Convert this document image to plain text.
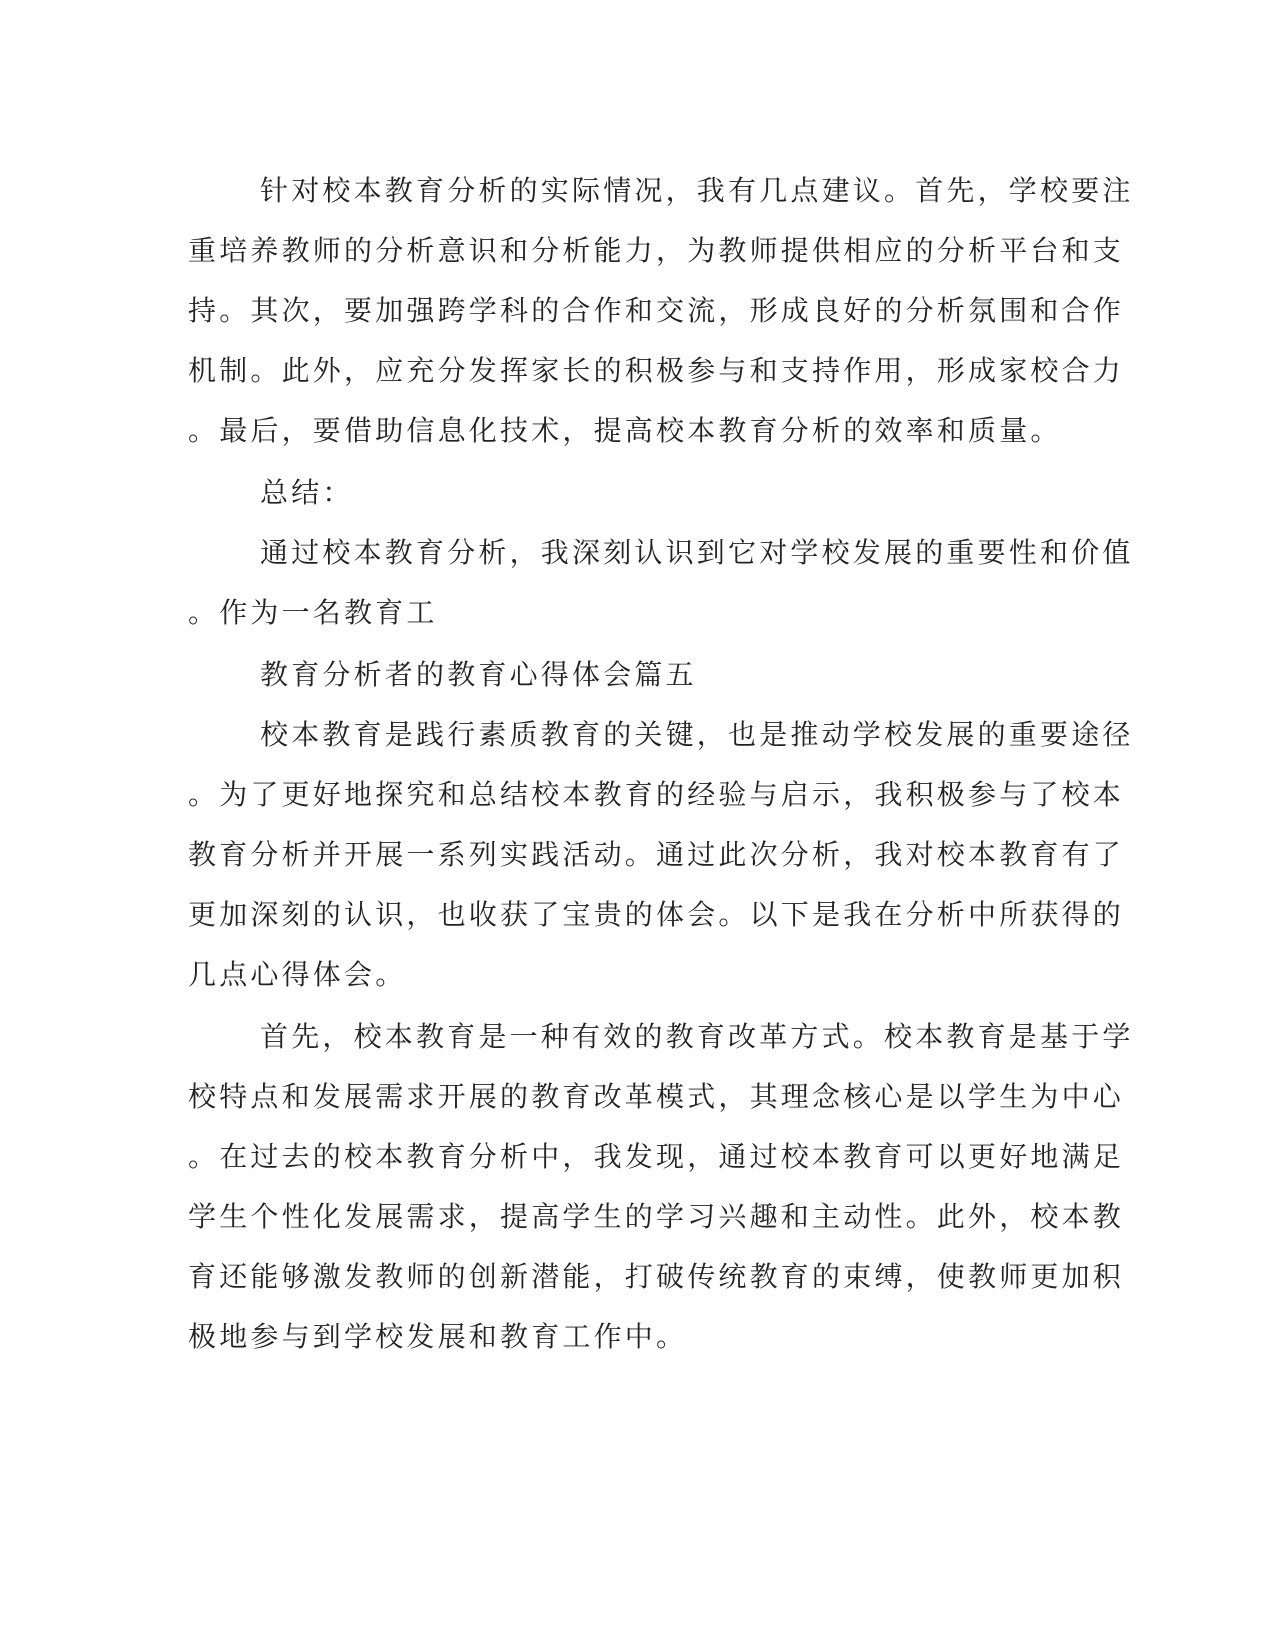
针对校本教育分析的实际情况，我有几点建议。首先，学校要注
重培养教师的分析意识和分析能力，为教师提供相应的分析平台和支
持。其次，要加强跨学科的合作和交流，形成良好的分析氛围和合作
机制。此外，应充分发挥家长的积极参与和支持作用，形成家校合力
。最后，要借助信息化技术，提高校本教育分析的效率和质量。
总结：
通过校本教育分析，我深刻认识到它对学校发展的重要性和价值
。作为一名教育工
教育分析者的教育心得体会篇五
校本教育是践行素质教育的关键，也是推动学校发展的重要途径
。为了更好地探究和总结校本教育的经验与启示，我积极参与了校本
教育分析并开展一系列实践活动。通过此次分析，我对校本教育有了
更加深刻的认识，也收获了宝贵的体会。以下是我在分析中所获得的
几点心得体会。
首先，校本教育是一种有效的教育改革方式。校本教育是基于学
校特点和发展需求开展的教育改革模式，其理念核心是以学生为中心
。在过去的校本教育分析中，我发现，通过校本教育可以更好地满足
学生个性化发展需求，提高学生的学习兴趣和主动性。此外，校本教
育还能够激发教师的创新潜能，打破传统教育的束缚，使教师更加积
极地参与到学校发展和教育工作中。
